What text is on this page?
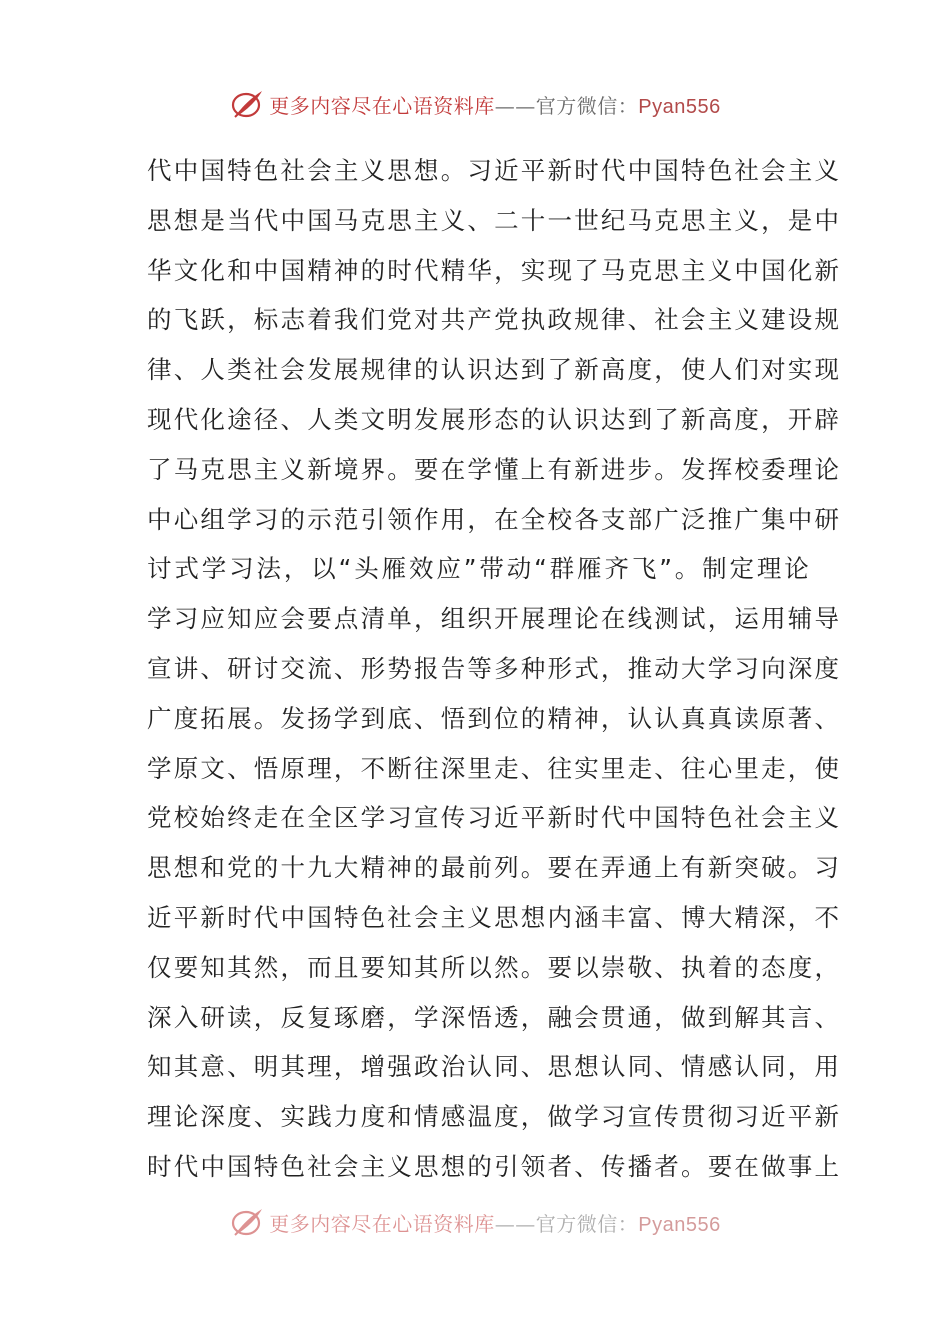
更多内容尽在心语资料库——官方微信：Pyan556
代中国特色社会主义思想。习近平新时代中国特色社会主义
思想是当代中国马克思主义、二十一世纪马克思主义，是中
华文化和中国精神的时代精华，实现了马克思主义中国化新
的飞跃，标志着我们党对共产党执政规律、社会主义建设规
律、人类社会发展规律的认识达到了新高度，使人们对实现
现代化途径、人类文明发展形态的认识达到了新高度，开辟
了马克思主义新境界。要在学懂上有新进步。发挥校委理论
中心组学习的示范引领作用，在全校各支部广泛推广集中研
讨式学习法，以“头雁效应”带动“群雁齐飞”。制定理论
学习应知应会要点清单，组织开展理论在线测试，运用辅导
宣讲、研讨交流、形势报告等多种形式，推动大学习向深度
广度拓展。发扬学到底、悟到位的精神，认认真真读原著、
学原文、悟原理，不断往深里走、往实里走、往心里走，使
党校始终走在全区学习宣传习近平新时代中国特色社会主义
思想和党的十九大精神的最前列。要在弄通上有新突破。习
近平新时代中国特色社会主义思想内涵丰富、博大精深，不
仅要知其然，而且要知其所以然。要以崇敬、执着的态度，
深入研读，反复琢磨，学深悟透，融会贯通，做到解其言、
知其意、明其理，增强政治认同、思想认同、情感认同，用
理论深度、实践力度和情感温度，做学习宣传贯彻习近平新
时代中国特色社会主义思想的引领者、传播者。要在做事上
更多内容尽在心语资料库——官方微信：Pyan556
